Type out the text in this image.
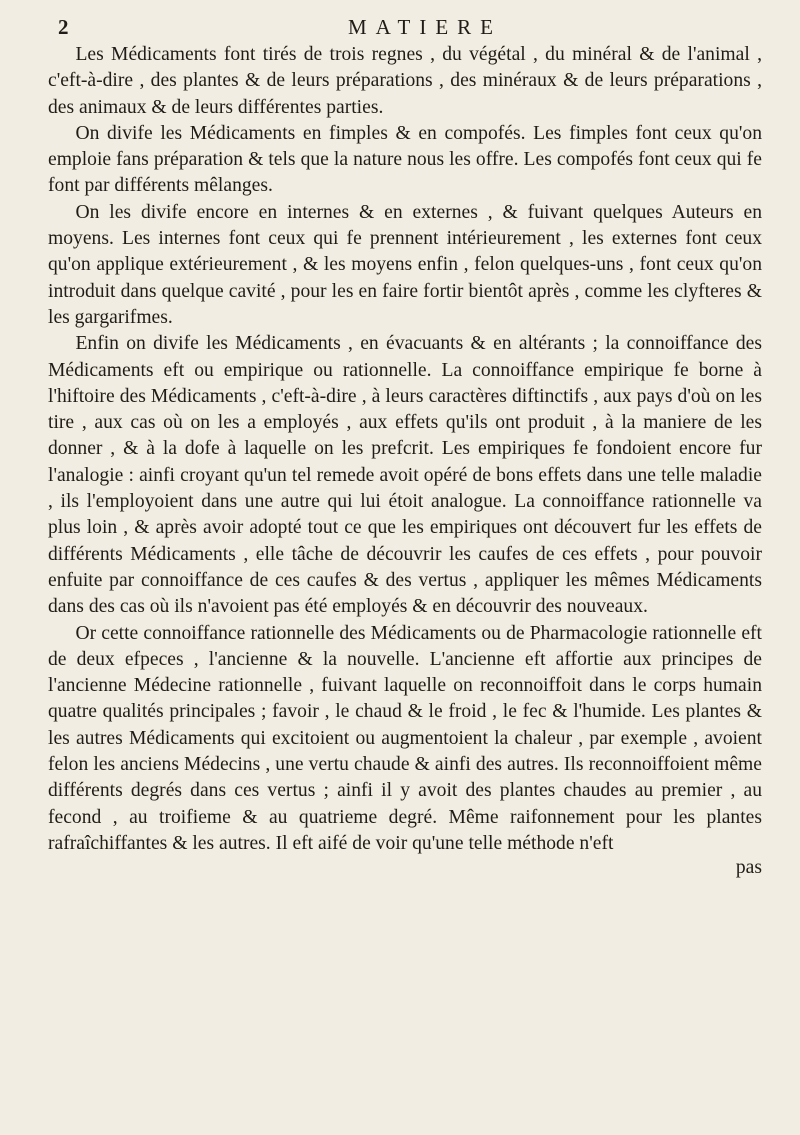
2	MATIERE

Les Médicaments font tirés de trois regnes , du végétal , du minéral & de l'animal , c'eft-à-dire , des plantes & de leurs préparations , des minéraux & de leurs préparations , des animaux & de leurs différentes parties.

On divife les Médicaments en fimples & en compofés. Les fimples font ceux qu'on emploie fans préparation & tels que la nature nous les offre. Les compofés font ceux qui fe font par différents mêlanges.

On les divife encore en internes & en externes , & fuivant quelques Auteurs en moyens. Les internes font ceux qui fe prennent intérieurement , les externes font ceux qu'on applique extérieurement , & les moyens enfin , felon quelques-uns , font ceux qu'on introduit dans quelque cavité , pour les en faire fortir bientôt après , comme les clyfteres & les gargarifmes.

Enfin on divife les Médicaments , en évacuants & en altérants ; la connoiffance des Médicaments eft ou empirique ou rationnelle. La connoiffance empirique fe borne à l'hiftoire des Médicaments , c'eft-à-dire , à leurs caractères diftinctifs , aux pays d'où on les tire , aux cas où on les a employés , aux effets qu'ils ont produit , à la maniere de les donner , & à la dofe à laquelle on les prefcrit. Les empiriques fe fondoient encore fur l'analogie : ainfi croyant qu'un tel remede avoit opéré de bons effets dans une telle maladie , ils l'employoient dans une autre qui lui étoit analogue. La connoiffance rationnelle va plus loin , & après avoir adopté tout ce que les empiriques ont découvert fur les effets de différents Médicaments , elle tâche de découvrir les caufes de ces effets , pour pouvoir enfuite par connoiffance de ces caufes & des vertus , appliquer les mêmes Médicaments dans des cas où ils n'avoient pas été employés & en découvrir des nouveaux.

Or cette connoiffance rationnelle des Médicaments ou de Pharmacologie rationnelle eft de deux efpeces , l'ancienne & la nouvelle. L'ancienne eft affortie aux principes de l'ancienne Médecine rationnelle , fuivant laquelle on reconnoiffoit dans le corps humain quatre qualités principales ; favoir , le chaud & le froid , le fec & l'humide. Les plantes & les autres Médicaments qui excitoient ou augmentoient la chaleur , par exemple , avoient felon les anciens Médecins , une vertu chaude & ainfi des autres. Ils reconnoiffoient même différents degrés dans ces vertus ; ainfi il y avoit des plantes chaudes au premier , au fecond , au troifieme & au quatrieme degré. Même raifonnement pour les plantes rafraîchiffantes & les autres. Il eft aifé de voir qu'une telle méthode n'eft

pas
